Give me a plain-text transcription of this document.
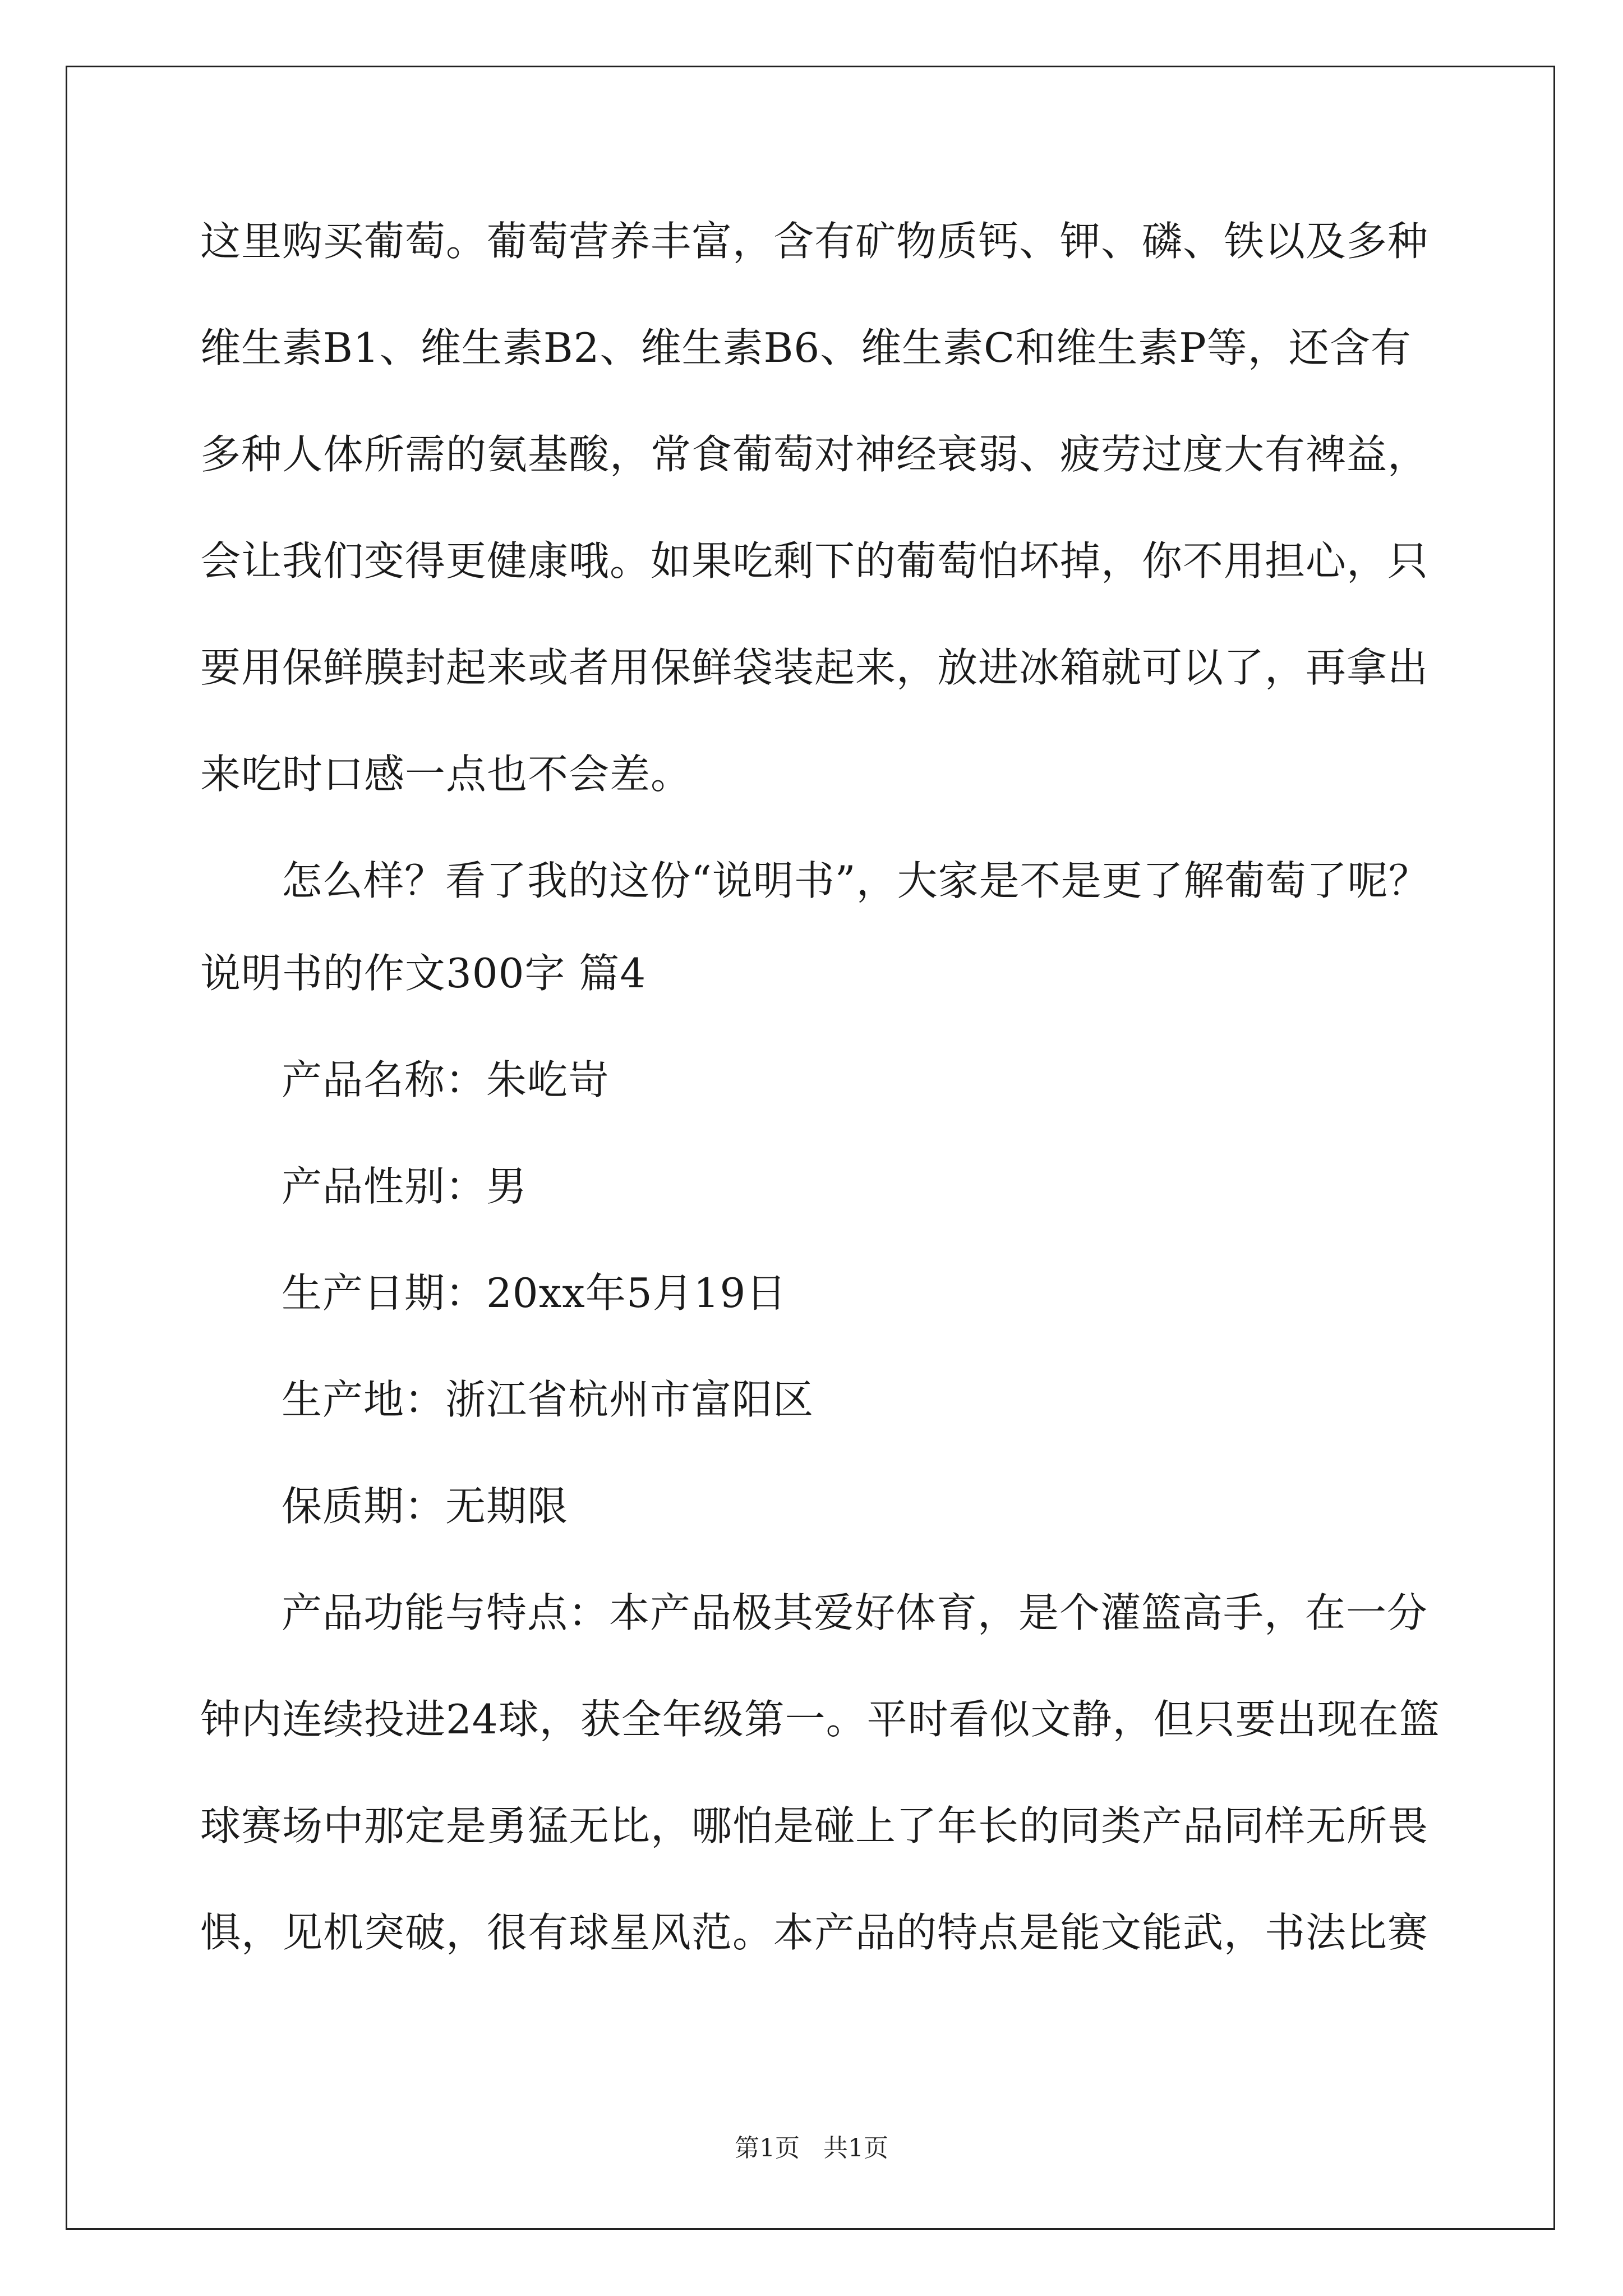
这里购买葡萄。葡萄营养丰富，含有矿物质钙、钾、磷、铁以及多种
维生素B1、维生素B2、维生素B6、维生素C和维生素P等，还含有
多种人体所需的氨基酸，常食葡萄对神经衰弱、疲劳过度大有裨益，
会让我们变得更健康哦。如果吃剩下的葡萄怕坏掉，你不用担心，只
要用保鲜膜封起来或者用保鲜袋装起来，放进冰箱就可以了，再拿出
来吃时口感一点也不会差。
怎么样？看了我的这份“说明书”，大家是不是更了解葡萄了呢？
说明书的作文300字 篇4
产品名称：朱屹岢
产品性别：男
生产日期：20xx年5月19日
生产地：浙江省杭州市富阳区
保质期：无期限
产品功能与特点：本产品极其爱好体育，是个灌篮高手，在一分
钟内连续投进24球，获全年级第一。平时看似文静，但只要出现在篮
球赛场中那定是勇猛无比，哪怕是碰上了年长的同类产品同样无所畏
惧，见机突破，很有球星风范。本产品的特点是能文能武，书法比赛
第1页   共1页
